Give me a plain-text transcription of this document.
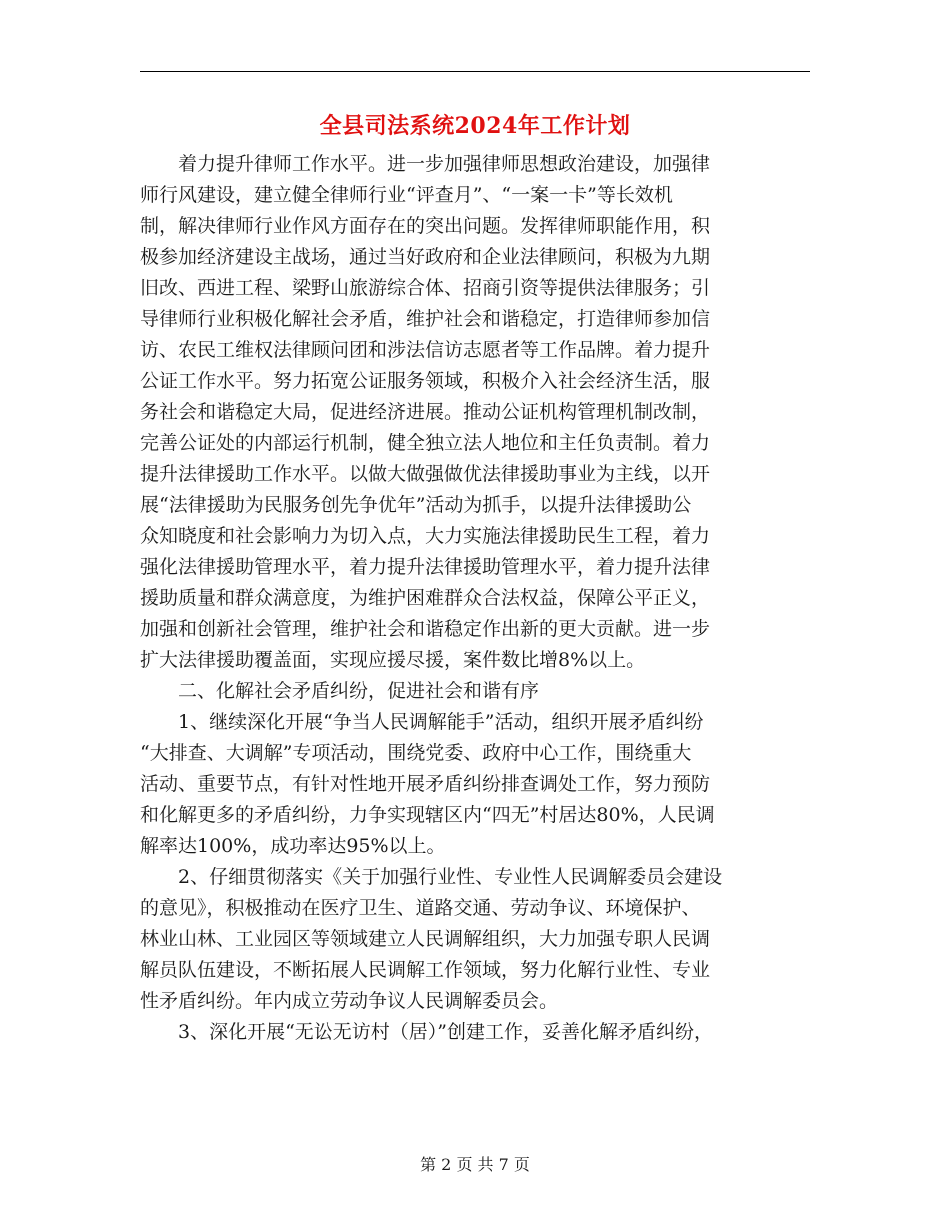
全县司法系统2024年工作计划
　　着力提升律师工作水平。进一步加强律师思想政治建设，加强律
师行风建设，建立健全律师行业“评查月”、“一案一卡”等长效机
制，解决律师行业作风方面存在的突出问题。发挥律师职能作用，积
极参加经济建设主战场，通过当好政府和企业法律顾问，积极为九期
旧改、西进工程、梁野山旅游综合体、招商引资等提供法律服务；引
导律师行业积极化解社会矛盾，维护社会和谐稳定，打造律师参加信
访、农民工维权法律顾问团和涉法信访志愿者等工作品牌。着力提升
公证工作水平。努力拓宽公证服务领域，积极介入社会经济生活，服
务社会和谐稳定大局，促进经济进展。推动公证机构管理机制改制，
完善公证处的内部运行机制，健全独立法人地位和主任负责制。着力
提升法律援助工作水平。以做大做强做优法律援助事业为主线，以开
展“法律援助为民服务创先争优年”活动为抓手，以提升法律援助公
众知晓度和社会影响力为切入点，大力实施法律援助民生工程，着力
强化法律援助管理水平，着力提升法律援助管理水平，着力提升法律
援助质量和群众满意度，为维护困难群众合法权益，保障公平正义，
加强和创新社会管理，维护社会和谐稳定作出新的更大贡献。进一步
扩大法律援助覆盖面，实现应援尽援，案件数比增8%以上。
　　二、化解社会矛盾纠纷，促进社会和谐有序
　　1、继续深化开展“争当人民调解能手”活动，组织开展矛盾纠纷
“大排查、大调解”专项活动，围绕党委、政府中心工作，围绕重大
活动、重要节点，有针对性地开展矛盾纠纷排查调处工作，努力预防
和化解更多的矛盾纠纷，力争实现辖区内“四无”村居达80%，人民调
解率达100%，成功率达95%以上。
　　2、仔细贯彻落实《关于加强行业性、专业性人民调解委员会建设
的意见》，积极推动在医疗卫生、道路交通、劳动争议、环境保护、
林业山林、工业园区等领域建立人民调解组织，大力加强专职人民调
解员队伍建设，不断拓展人民调解工作领域，努力化解行业性、专业
性矛盾纠纷。年内成立劳动争议人民调解委员会。
　　3、深化开展“无讼无访村（居）”创建工作，妥善化解矛盾纠纷，
第 2 页 共 7 页
